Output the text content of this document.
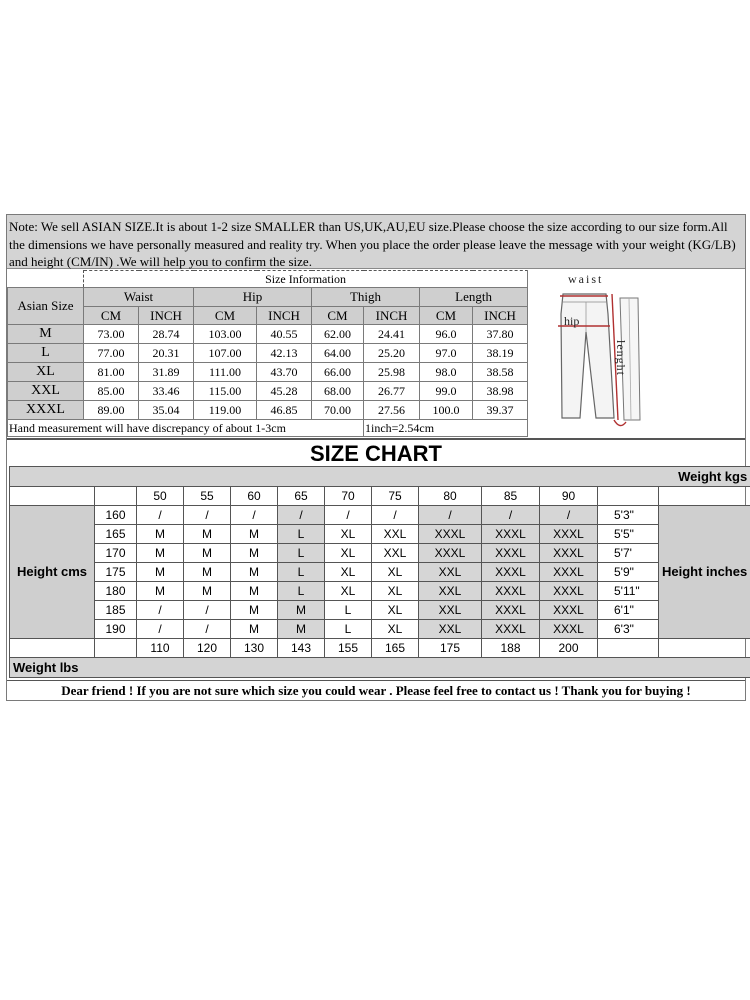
Note: We sell ASIAN SIZE.It is about 1-2 size SMALLER than US,UK,AU,EU size.Please choose the size according to our size form.All the dimensions we have personally measured and reality try. When you place the order please leave the message with your weight (KG/LB) and height (CM/IN) .We will help you to confirm the size.
	Size Information							
Asian Size	Waist		Hip		Thigh		Length	
	CM	INCH	CM	INCH	CM	INCH	CM	INCH
M	73.00	28.74	103.00	40.55	62.00	24.41	96.0	37.80
L	77.00	20.31	107.00	42.13	64.00	25.20	97.0	38.19
XL	81.00	31.89	111.00	43.70	66.00	25.98	98.0	38.58
XXL	85.00	33.46	115.00	45.28	68.00	26.77	99.0	38.98
XXXL	89.00	35.04	119.00	46.85	70.00	27.56	100.0	39.37
Hand measurement will have discrepancy of about 1-3cm						1inch=2.54cm		
waist
hip
lenght
SIZE CHART
Weight kgs												
		50	55	60	65	70	75	80	85	90		
Height cms	160	/	/	/	/	/	/	/	/	/	5'3"	Height inches
	165	M	M	M	L	XL	XXL	XXXL	XXXL	XXXL	5'5"	
	170	M	M	M	L	XL	XXL	XXXL	XXXL	XXXL	5'7'	
	175	M	M	M	L	XL	XL	XXL	XXXL	XXXL	5'9"	
	180	M	M	M	L	XL	XL	XXL	XXXL	XXXL	5'11"	
	185	/	/	M	M	L	XL	XXL	XXXL	XXXL	6'1"	
	190	/	/	M	M	L	XL	XXL	XXXL	XXXL	6'3"	
		110	120	130	143	155	165	175	188	200		
Weight lbs												
Dear friend ! If you are not sure which size you could wear . Please feel free to contact us ! Thank you for buying !
